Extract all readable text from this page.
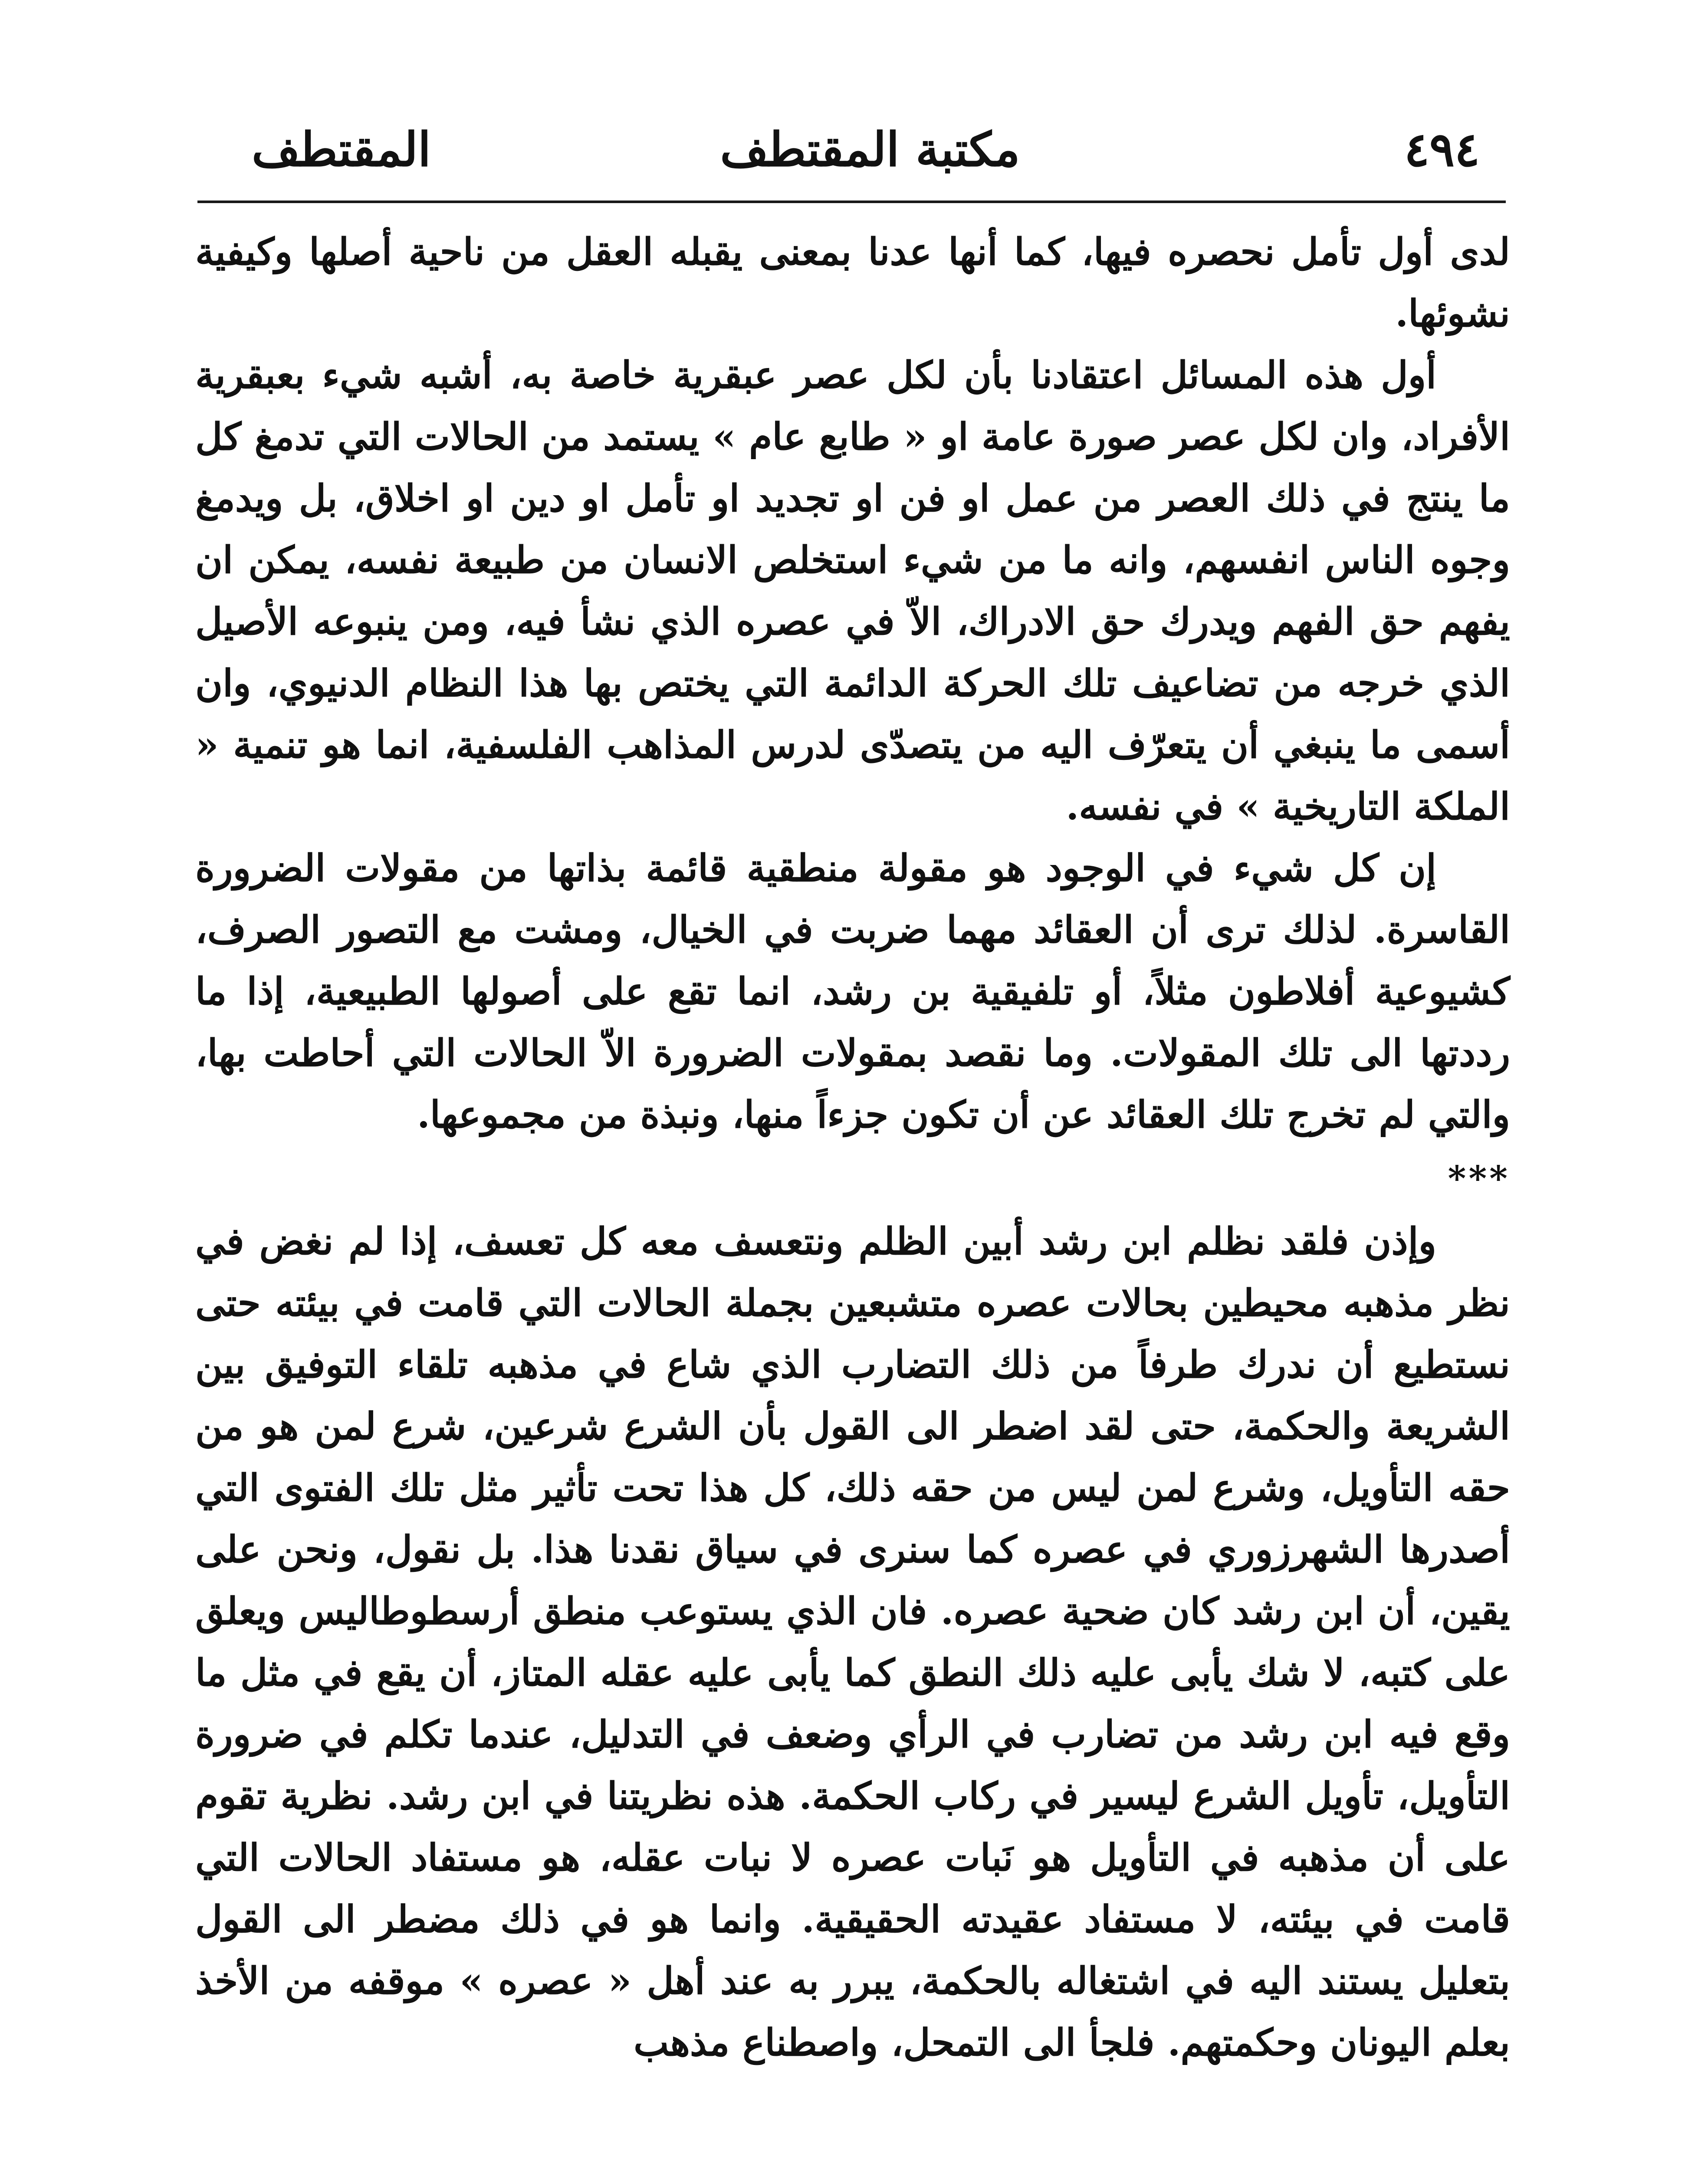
٤٩٤
مكتبة المقتطف
المقتطف

لدى أول تأمل نحصره فيها، كما أنها عدنا بمعنى يقبله العقل من ناحية أصلها وكيفية نشوئها.

أول هذه المسائل اعتقادنا بأن لكل عصر عبقرية خاصة به، أشبه شيء بعبقرية الأفراد، وان لكل عصر صورة عامة او « طابع عام » يستمد من الحالات التي تدمغ كل ما ينتج في ذلك العصر من عمل او فن او تجديد او تأمل او دين او اخلاق، بل ويدمغ وجوه الناس انفسهم، وانه ما من شيء استخلص الانسان من طبيعة نفسه، يمكن ان يفهم حق الفهم ويدرك حق الادراك، الاّ في عصره الذي نشأ فيه، ومن ينبوعه الأصيل الذي خرجه من تضاعيف تلك الحركة الدائمة التي يختص بها هذا النظام الدنيوي، وان أسمى ما ينبغي أن يتعرّف اليه من يتصدّى لدرس المذاهب الفلسفية، انما هو تنمية « الملكة التاريخية » في نفسه.

إن كل شيء في الوجود هو مقولة منطقية قائمة بذاتها من مقولات الضرورة القاسرة. لذلك ترى أن العقائد مهما ضربت في الخيال، ومشت مع التصور الصرف، كشيوعية أفلاطون مثلاً، أو تلفيقية بن رشد، انما تقع على أصولها الطبيعية، إذا ما رددتها الى تلك المقولات. وما نقصد بمقولات الضرورة الاّ الحالات التي أحاطت بها، والتي لم تخرج تلك العقائد عن أن تكون جزءاً منها، ونبذة من مجموعها.

***

وإذن فلقد نظلم ابن رشد أبين الظلم ونتعسف معه كل تعسف، إذا لم نغض في نظر مذهبه محيطين بحالات عصره متشبعين بجملة الحالات التي قامت في بيئته حتى نستطيع أن ندرك طرفاً من ذلك التضارب الذي شاع في مذهبه تلقاء التوفيق بين الشريعة والحكمة، حتى لقد اضطر الى القول بأن الشرع شرعين، شرع لمن هو من حقه التأويل، وشرع لمن ليس من حقه ذلك، كل هذا تحت تأثير مثل تلك الفتوى التي أصدرها الشهرزوري في عصره كما سنرى في سياق نقدنا هذا. بل نقول، ونحن على يقين، أن ابن رشد كان ضحية عصره. فان الذي يستوعب منطق أرسطوطاليس ويعلق على كتبه، لا شك يأبى عليه ذلك النطق كما يأبى عليه عقله المتاز، أن يقع في مثل ما وقع فيه ابن رشد من تضارب في الرأي وضعف في التدليل، عندما تكلم في ضرورة التأويل، تأويل الشرع ليسير في ركاب الحكمة. هذه نظريتنا في ابن رشد. نظرية تقوم على أن مذهبه في التأويل هو نَبات عصره لا نبات عقله، هو مستفاد الحالات التي قامت في بيئته، لا مستفاد عقيدته الحقيقية. وانما هو في ذلك مضطر الى القول بتعليل يستند اليه في اشتغاله بالحكمة، يبرر به عند أهل « عصره » موقفه من الأخذ بعلم اليونان وحكمتهم. فلجأ الى التمحل، واصطناع مذهب
